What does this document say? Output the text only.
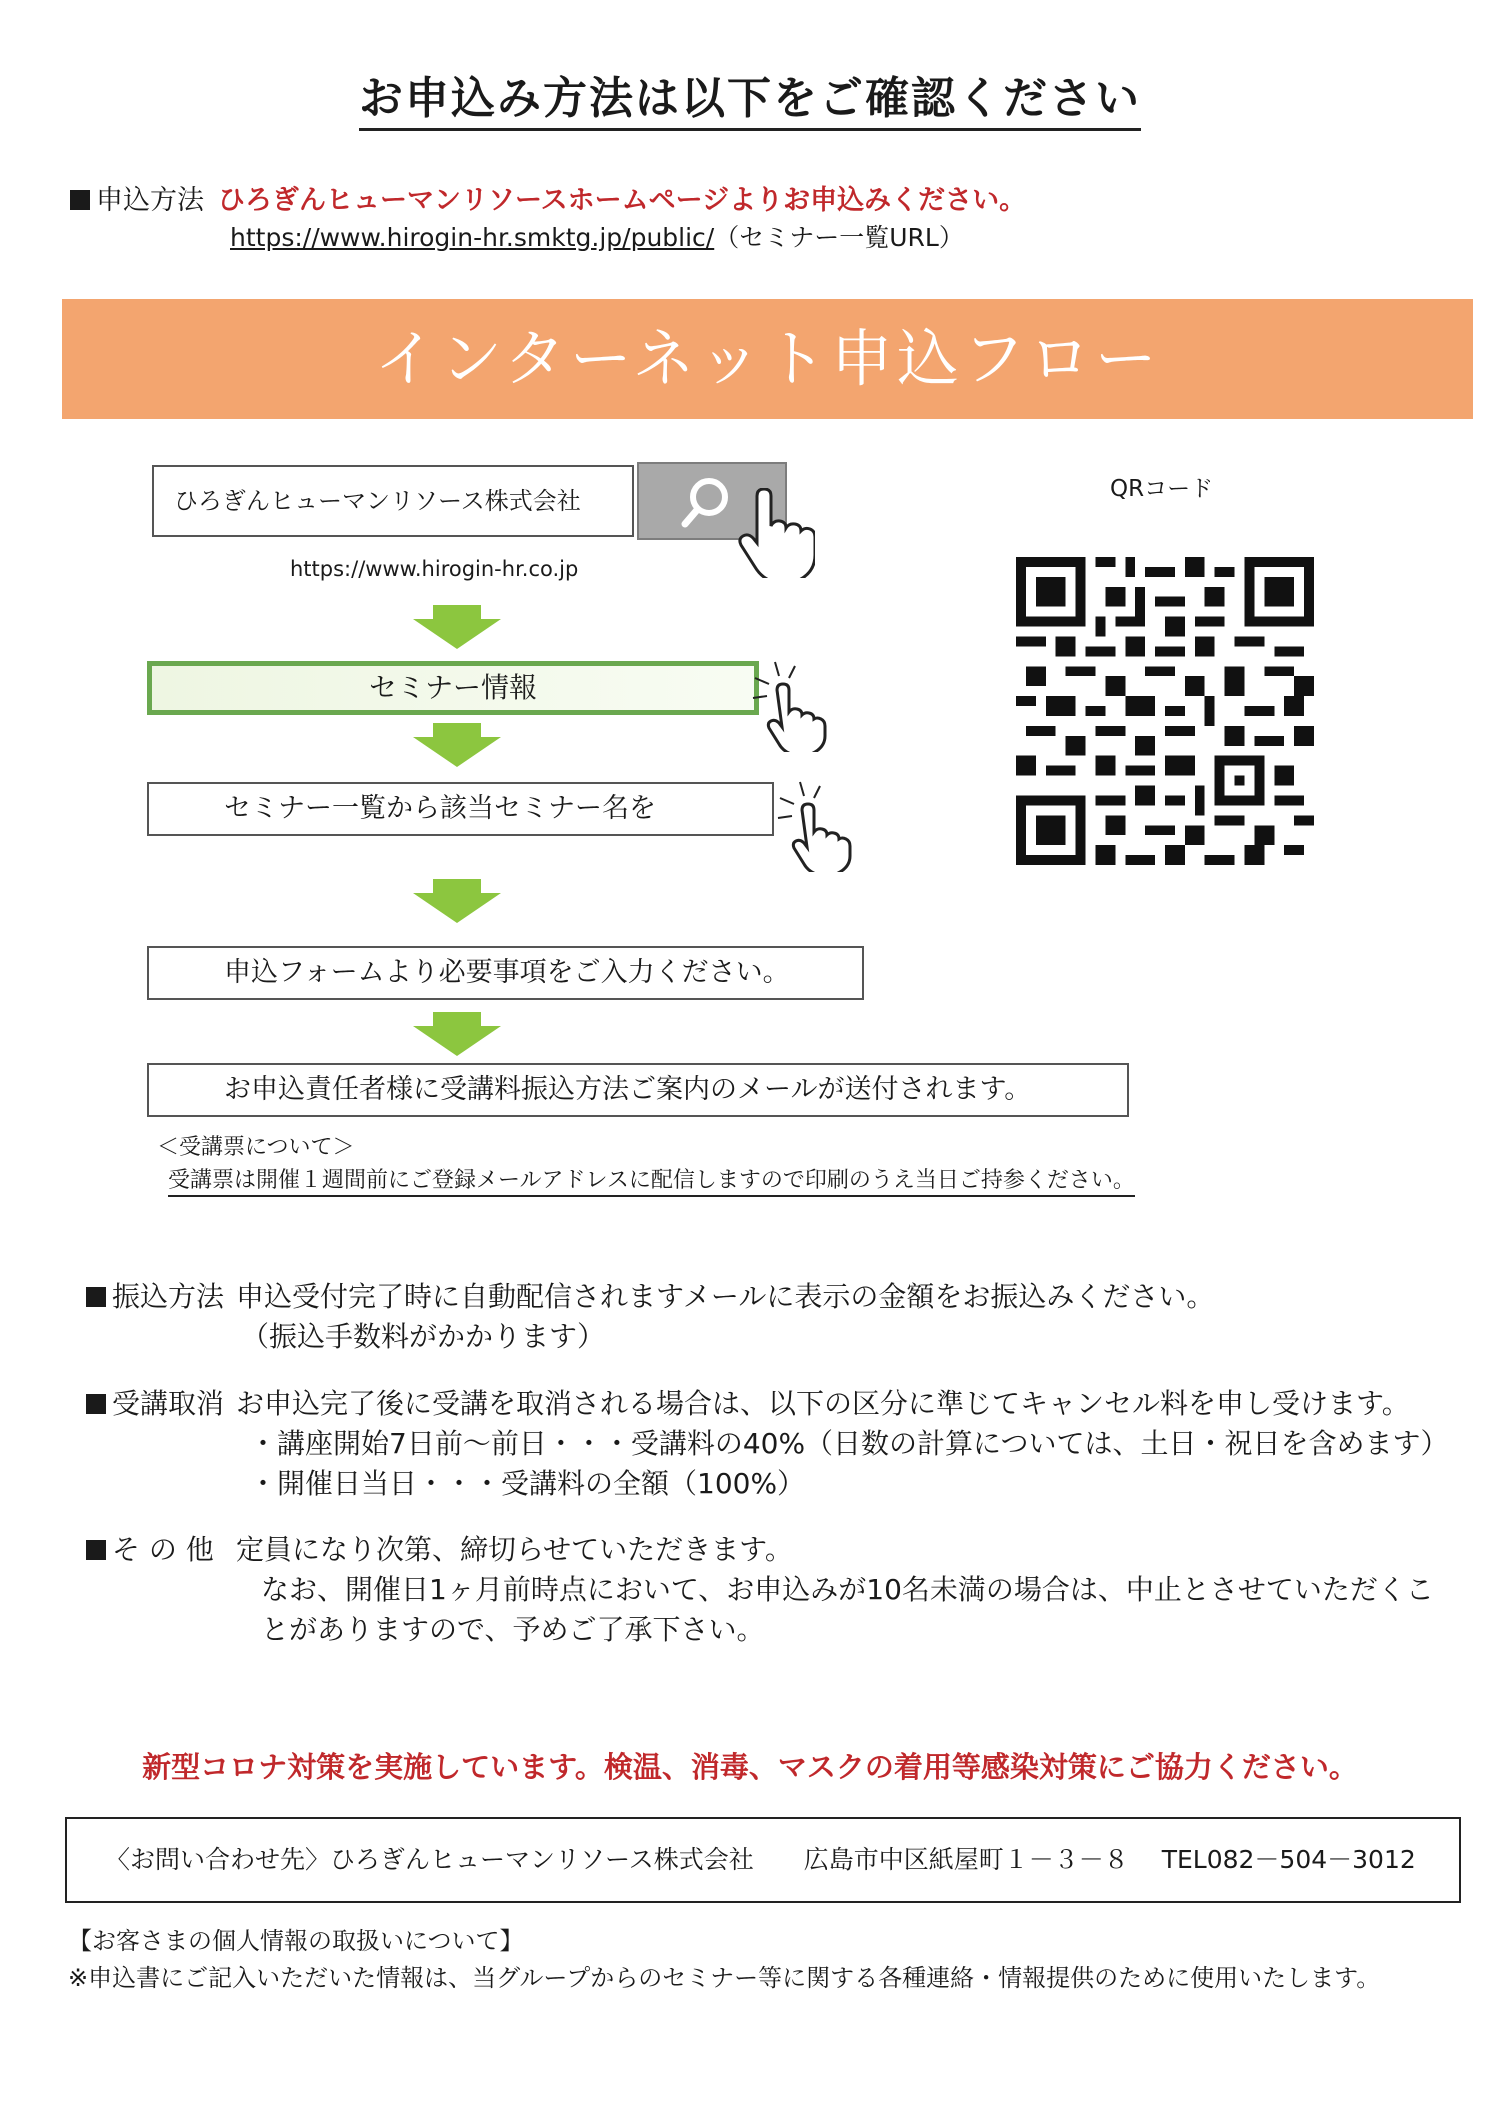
お申込み方法は以下をご確認ください
申込方法 ひろぎんヒューマンリソースホームページよりお申込みください。
https://www.hirogin-hr.smktg.jp/public/（セミナー一覧URL）
インターネット申込フロー
ひろぎんヒューマンリソース株式会社
https://www.hirogin-hr.co.jp
セミナー情報
セミナー一覧から該当セミナー名を
申込フォームより必要事項をご入力ください。
お申込責任者様に受講料振込方法ご案内のメールが送付されます。
＜受講票について＞
受講票は開催１週間前にご登録メールアドレスに配信しますので印刷のうえ当日ご持参ください。
QRコード
振込方法 申込受付完了時に自動配信されますメールに表示の金額をお振込みください。
（振込手数料がかかります）
受講取消 お申込完了後に受講を取消される場合は、以下の区分に準じてキャンセル料を申し受けます。
・講座開始7日前～前日・・・受講料の40%（日数の計算については、土日・祝日を含めます）
・開催日当日・・・受講料の全額（100%）
そ の 他 定員になり次第、締切らせていただきます。
なお、開催日1ヶ月前時点において、お申込みが10名未満の場合は、中止とさせていただくこ
とがありますので、予めご了承下さい。
新型コロナ対策を実施しています。検温、消毒、マスクの着用等感染対策にご協力ください。
〈お問い合わせ先〉ひろぎんヒューマンリソース株式会社　　広島市中区紙屋町１－３－８　 TEL082－504－3012
【お客さまの個人情報の取扱いについて】
※申込書にご記入いただいた情報は、当グループからのセミナー等に関する各種連絡・情報提供のために使用いたします。
